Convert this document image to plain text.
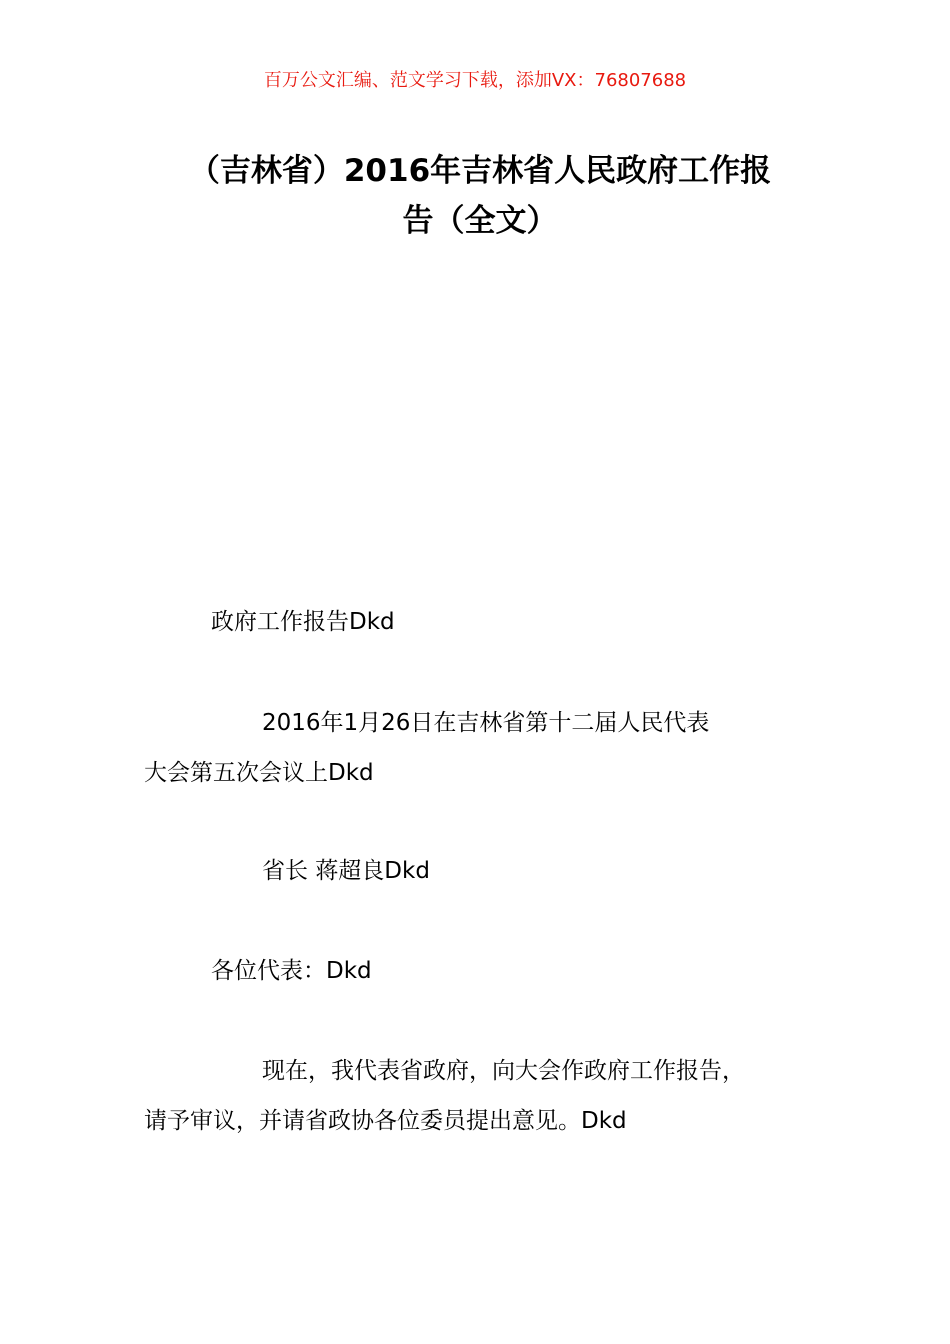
百万公文汇编、范文学习下载，添加VX：76807688
（吉林省）2016年吉林省人民政府工作报
告（全文）
政府工作报告Dkd
2016年1月26日在吉林省第十二届人民代表
大会第五次会议上Dkd
省长 蒋超良Dkd
各位代表：Dkd
现在，我代表省政府，向大会作政府工作报告，
请予审议，并请省政协各位委员提出意见。Dkd
